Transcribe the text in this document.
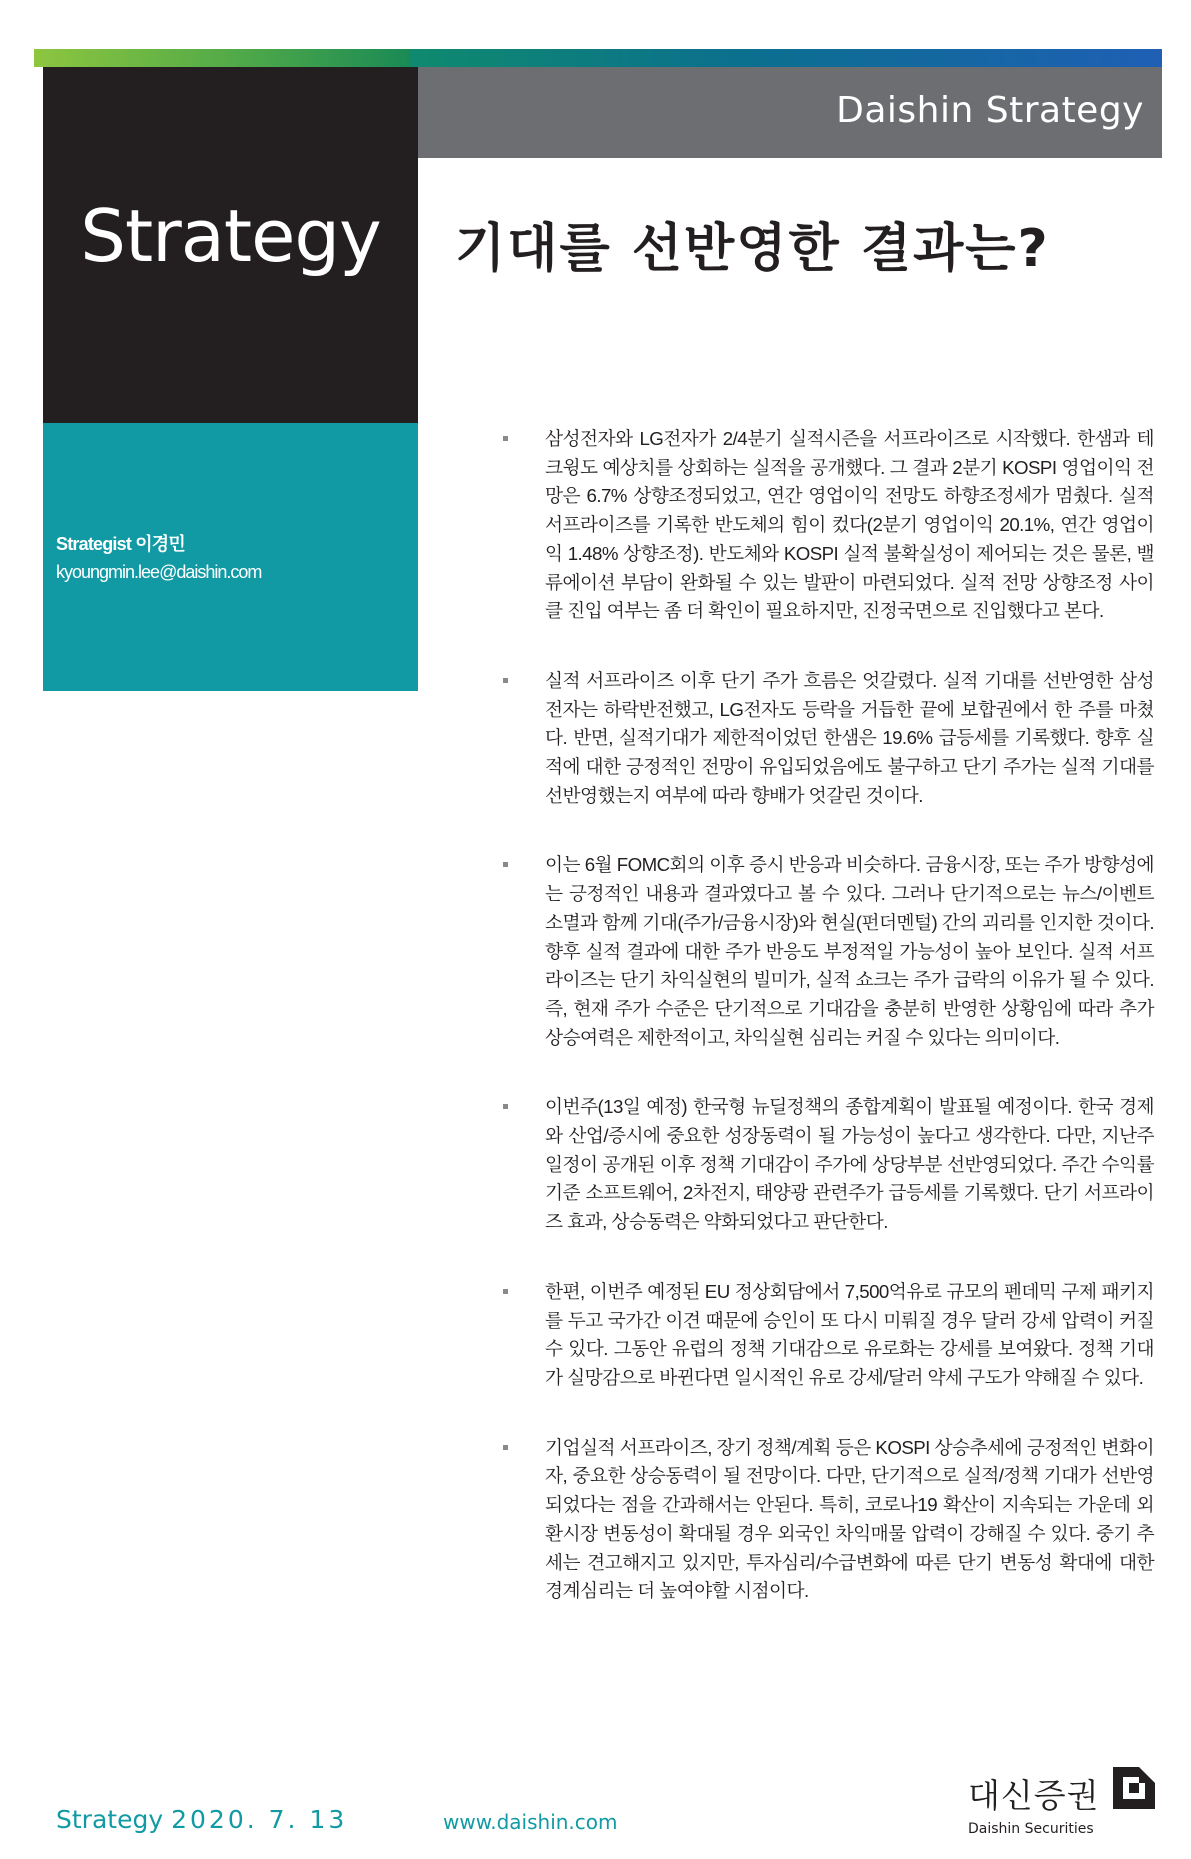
Strategy
Strategist 이경민
kyoungmin.lee@daishin.com
Daishin Strategy
기대를 선반영한 결과는?
삼성전자와 LG전자가 2/4분기 실적시즌을 서프라이즈로 시작했다. 한샘과 테크윙도 예상치를 상회하는 실적을 공개했다. 그 결과 2분기 KOSPI 영업이익 전망은 6.7% 상향조정되었고, 연간 영업이익 전망도 하향조정세가 멈췄다. 실적 서프라이즈를 기록한 반도체의 힘이 컸다(2분기 영업이익 20.1%, 연간 영업이익 1.48% 상향조정). 반도체와 KOSPI 실적 불확실성이 제어되는 것은 물론, 밸류에이션 부담이 완화될 수 있는 발판이 마련되었다. 실적 전망 상향조정 사이클 진입 여부는 좀 더 확인이 필요하지만, 진정국면으로 진입했다고 본다.
실적 서프라이즈 이후 단기 주가 흐름은 엇갈렸다. 실적 기대를 선반영한 삼성전자는 하락반전했고, LG전자도 등락을 거듭한 끝에 보합권에서 한 주를 마쳤다. 반면, 실적기대가 제한적이었던 한샘은 19.6% 급등세를 기록했다. 향후 실적에 대한 긍정적인 전망이 유입되었음에도 불구하고 단기 주가는 실적 기대를 선반영했는지 여부에 따라 향배가 엇갈린 것이다.
이는 6월 FOMC회의 이후 증시 반응과 비슷하다. 금융시장, 또는 주가 방향성에는 긍정적인 내용과 결과였다고 볼 수 있다. 그러나 단기적으로는 뉴스/이벤트 소멸과 함께 기대(주가/금융시장)와 현실(펀더멘털) 간의 괴리를 인지한 것이다. 향후 실적 결과에 대한 주가 반응도 부정적일 가능성이 높아 보인다. 실적 서프라이즈는 단기 차익실현의 빌미가, 실적 쇼크는 주가 급락의 이유가 될 수 있다. 즉, 현재 주가 수준은 단기적으로 기대감을 충분히 반영한 상황임에 따라 추가 상승여력은 제한적이고, 차익실현 심리는 커질 수 있다는 의미이다.
이번주(13일 예정) 한국형 뉴딜정책의 종합계획이 발표될 예정이다. 한국 경제와 산업/증시에 중요한 성장동력이 될 가능성이 높다고 생각한다. 다만, 지난주 일정이 공개된 이후 정책 기대감이 주가에 상당부분 선반영되었다. 주간 수익률 기준 소프트웨어, 2차전지, 태양광 관련주가 급등세를 기록했다. 단기 서프라이즈 효과, 상승동력은 약화되었다고 판단한다.
한편, 이번주 예정된 EU 정상회담에서 7,500억유로 규모의 펜데믹 구제 패키지를 두고 국가간 이견 때문에 승인이 또 다시 미뤄질 경우 달러 강세 압력이 커질 수 있다. 그동안 유럽의 정책 기대감으로 유로화는 강세를 보여왔다. 정책 기대가 실망감으로 바뀐다면 일시적인 유로 강세/달러 약세 구도가 약해질 수 있다.
기업실적 서프라이즈, 장기 정책/계획 등은 KOSPI 상승추세에 긍정적인 변화이자, 중요한 상승동력이 될 전망이다. 다만, 단기적으로 실적/정책 기대가 선반영되었다는 점을 간과해서는 안된다. 특히, 코로나19 확산이 지속되는 가운데 외환시장 변동성이 확대될 경우 외국인 차익매물 압력이 강해질 수 있다. 중기 추세는 견고해지고 있지만, 투자심리/수급변화에 따른 단기 변동성 확대에 대한 경계심리는 더 높여야할 시점이다.
Strategy 2020. 7. 13	www.daishin.com
대신증권
Daishin Securities
